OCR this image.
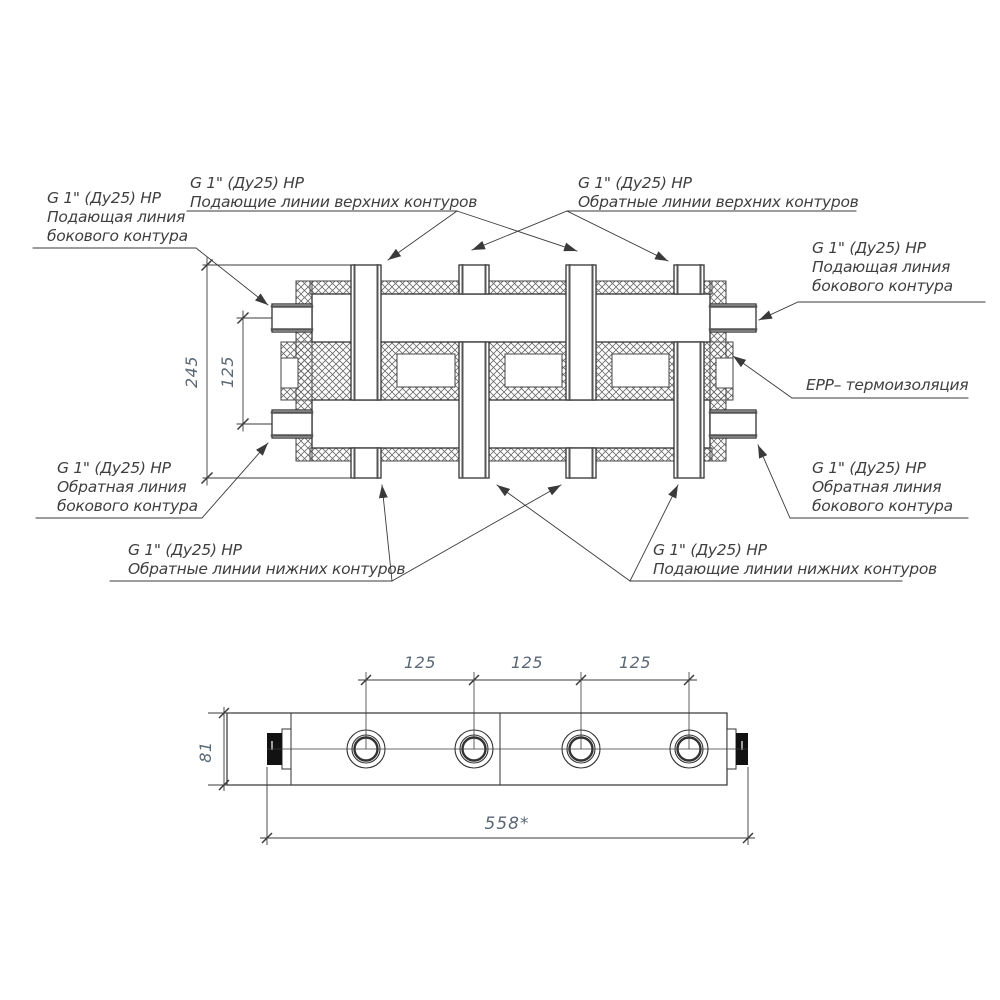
245 125
G 1" (Ду25) НР
Подающая линия
бокового контура
G 1" (Ду25) НР
Подающие линии верхних контуров
G 1" (Ду25) НР
Обратные линии верхних контуров
G 1" (Ду25) НР
Подающая линия
бокового контура
EPP– термоизоляция
G 1" (Ду25) НР
Обратная линия
бокового контура
G 1" (Ду25) НР
Обратная линия
бокового контура
G 1" (Ду25) НР
Обратные линии нижних контуров
G 1" (Ду25) НР
Подающие линии нижних контуров
125	125	125
81
558*
